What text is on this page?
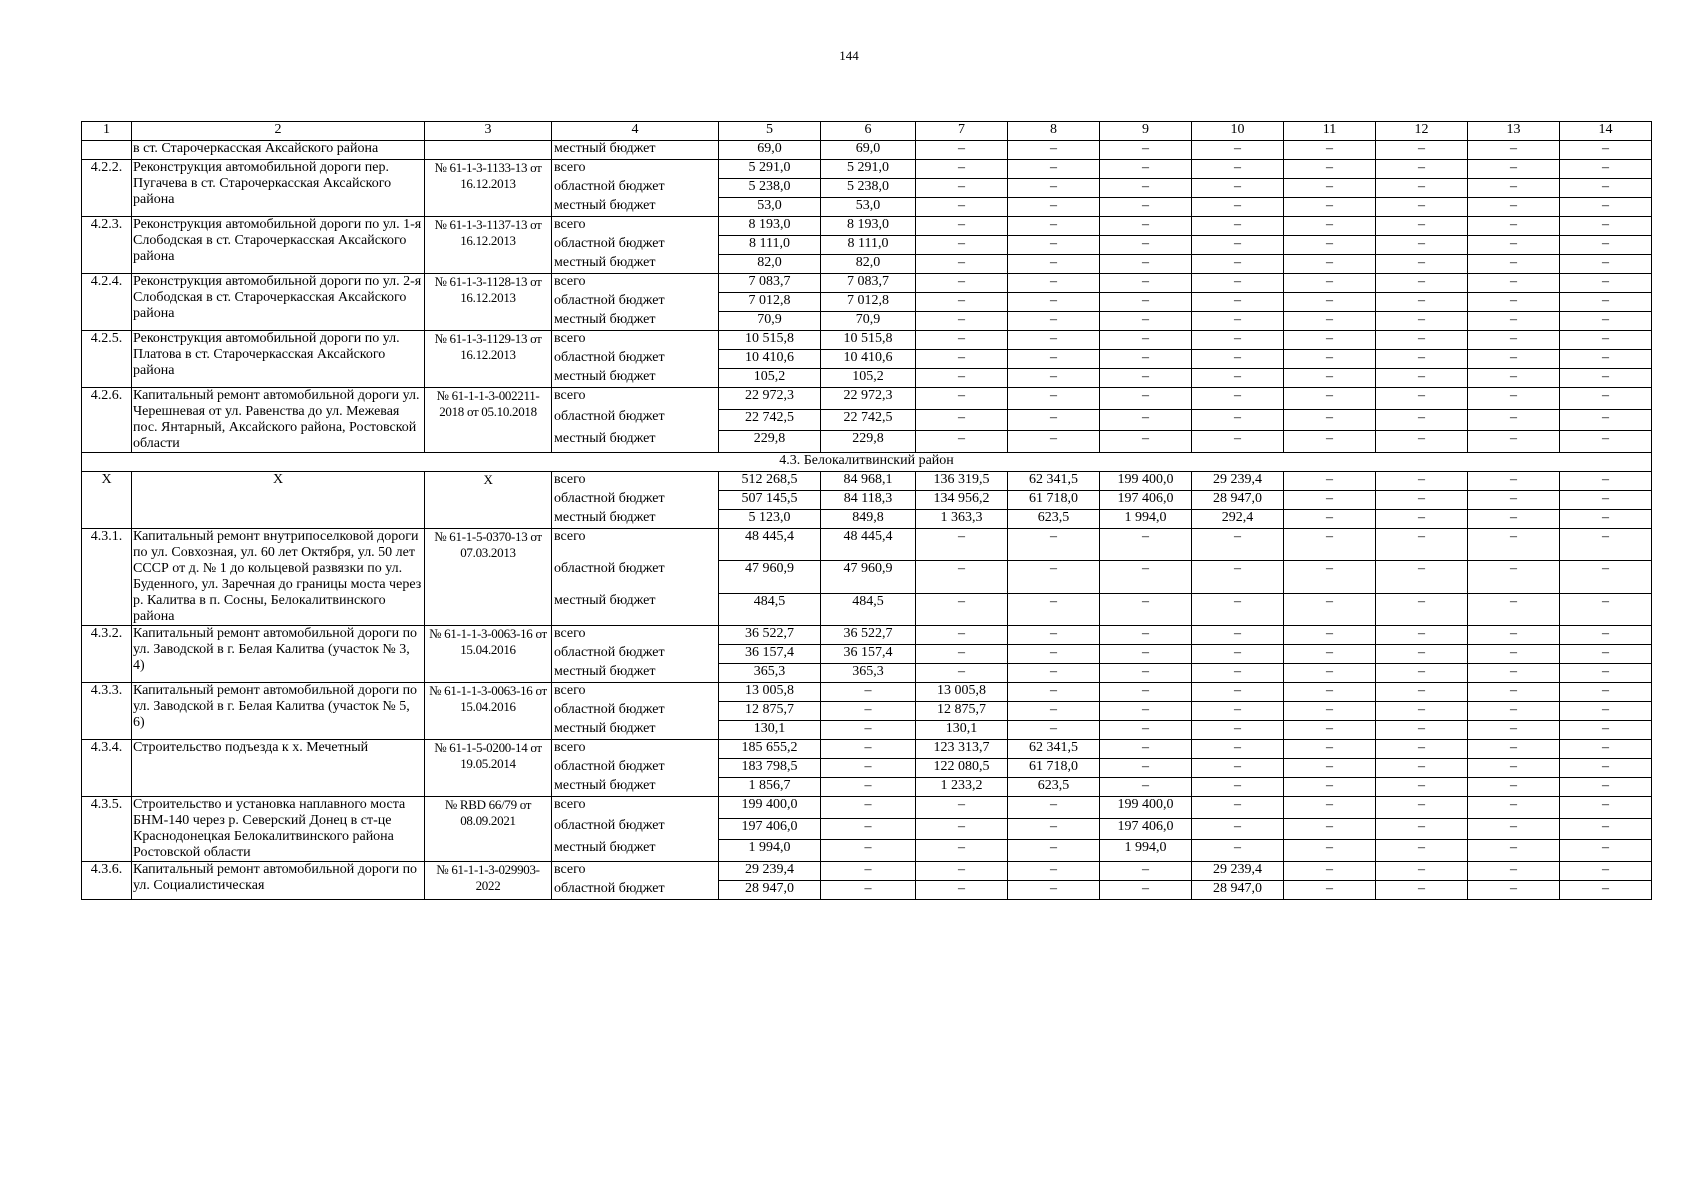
144
1	2	3	4	5	6	7	8	9	10	11	12	13	14
	в ст. Старочеркасская Аксайского района		местный бюджет	69,0	69,0	–	–	–	–	–	–	–	–
4.2.2.	Реконструкция автомобильной дороги пер. Пугачева в ст. Старочеркасская Аксайского района	№ 61-1-3-1133-13 от 16.12.2013	всего	5 291,0	5 291,0	–	–	–	–	–	–	–	–
			областной бюджет	5 238,0	5 238,0	–	–	–	–	–	–	–	–
			местный бюджет	53,0	53,0	–	–	–	–	–	–	–	–
4.2.3.	Реконструкция автомобильной дороги по ул. 1-я Слободская в ст. Старочеркасская Аксайского района	№ 61-1-3-1137-13 от 16.12.2013	всего	8 193,0	8 193,0	–	–	–	–	–	–	–	–
			областной бюджет	8 111,0	8 111,0	–	–	–	–	–	–	–	–
			местный бюджет	82,0	82,0	–	–	–	–	–	–	–	–
4.2.4.	Реконструкция автомобильной дороги по ул. 2-я Слободская в ст. Старочеркасская Аксайского района	№ 61-1-3-1128-13 от 16.12.2013	всего	7 083,7	7 083,7	–	–	–	–	–	–	–	–
			областной бюджет	7 012,8	7 012,8	–	–	–	–	–	–	–	–
			местный бюджет	70,9	70,9	–	–	–	–	–	–	–	–
4.2.5.	Реконструкция автомобильной дороги по ул. Платова в ст. Старочеркасская Аксайского района	№ 61-1-3-1129-13 от 16.12.2013	всего	10 515,8	10 515,8	–	–	–	–	–	–	–	–
			областной бюджет	10 410,6	10 410,6	–	–	–	–	–	–	–	–
			местный бюджет	105,2	105,2	–	–	–	–	–	–	–	–
4.2.6.	Капитальный ремонт автомобильной дороги ул. Черешневая от ул. Равенства до ул. Межевая пос. Янтарный, Аксайского района, Ростовской области	№ 61-1-1-3-002211-2018 от 05.10.2018	всего	22 972,3	22 972,3	–	–	–	–	–	–	–	–
			областной бюджет	22 742,5	22 742,5	–	–	–	–	–	–	–	–
			местный бюджет	229,8	229,8	–	–	–	–	–	–	–	–
4.3. Белокалитвинский район													
Х	Х	Х	всего	512 268,5	84 968,1	136 319,5	62 341,5	199 400,0	29 239,4	–	–	–	–
			областной бюджет	507 145,5	84 118,3	134 956,2	61 718,0	197 406,0	28 947,0	–	–	–	–
			местный бюджет	5 123,0	849,8	1 363,3	623,5	1 994,0	292,4	–	–	–	–
4.3.1.	Капитальный ремонт внутрипоселковой дороги по ул. Совхозная, ул. 60 лет Октября, ул. 50 лет СССР от д. № 1 до кольцевой развязки по ул. Буденного, ул. Заречная до границы моста через р. Калитва в п. Сосны, Белокалитвинского района	№ 61-1-5-0370-13 от 07.03.2013	всего	48 445,4	48 445,4	–	–	–	–	–	–	–	–
			областной бюджет	47 960,9	47 960,9	–	–	–	–	–	–	–	–
			местный бюджет	484,5	484,5	–	–	–	–	–	–	–	–
4.3.2.	Капитальный ремонт автомобильной дороги по ул. Заводской в г. Белая Калитва (участок № 3, 4)	№ 61-1-1-3-0063-16 от 15.04.2016	всего	36 522,7	36 522,7	–	–	–	–	–	–	–	–
			областной бюджет	36 157,4	36 157,4	–	–	–	–	–	–	–	–
			местный бюджет	365,3	365,3	–	–	–	–	–	–	–	–
4.3.3.	Капитальный ремонт автомобильной дороги по ул. Заводской в г. Белая Калитва (участок № 5, 6)	№ 61-1-1-3-0063-16 от 15.04.2016	всего	13 005,8	–	13 005,8	–	–	–	–	–	–	–
			областной бюджет	12 875,7	–	12 875,7	–	–	–	–	–	–	–
			местный бюджет	130,1	–	130,1	–	–	–	–	–	–	–
4.3.4.	Строительство подъезда к х. Мечетный	№ 61-1-5-0200-14 от 19.05.2014	всего	185 655,2	–	123 313,7	62 341,5	–	–	–	–	–	–
			областной бюджет	183 798,5	–	122 080,5	61 718,0	–	–	–	–	–	–
			местный бюджет	1 856,7	–	1 233,2	623,5	–	–	–	–	–	–
4.3.5.	Строительство и установка наплавного моста БНМ-140 через р. Северский Донец в ст-це Краснодонецкая Белокалитвинского района Ростовской области	№ RBD 66/79 от 08.09.2021	всего	199 400,0	–	–	–	199 400,0	–	–	–	–	–
			областной бюджет	197 406,0	–	–	–	197 406,0	–	–	–	–	–
			местный бюджет	1 994,0	–	–	–	1 994,0	–	–	–	–	–
4.3.6.	Капитальный ремонт автомобильной дороги по ул. Социалистическая	№ 61-1-1-3-029903-2022	всего	29 239,4	–	–	–	–	29 239,4	–	–	–	–
			областной бюджет	28 947,0	–	–	–	–	28 947,0	–	–	–	–
